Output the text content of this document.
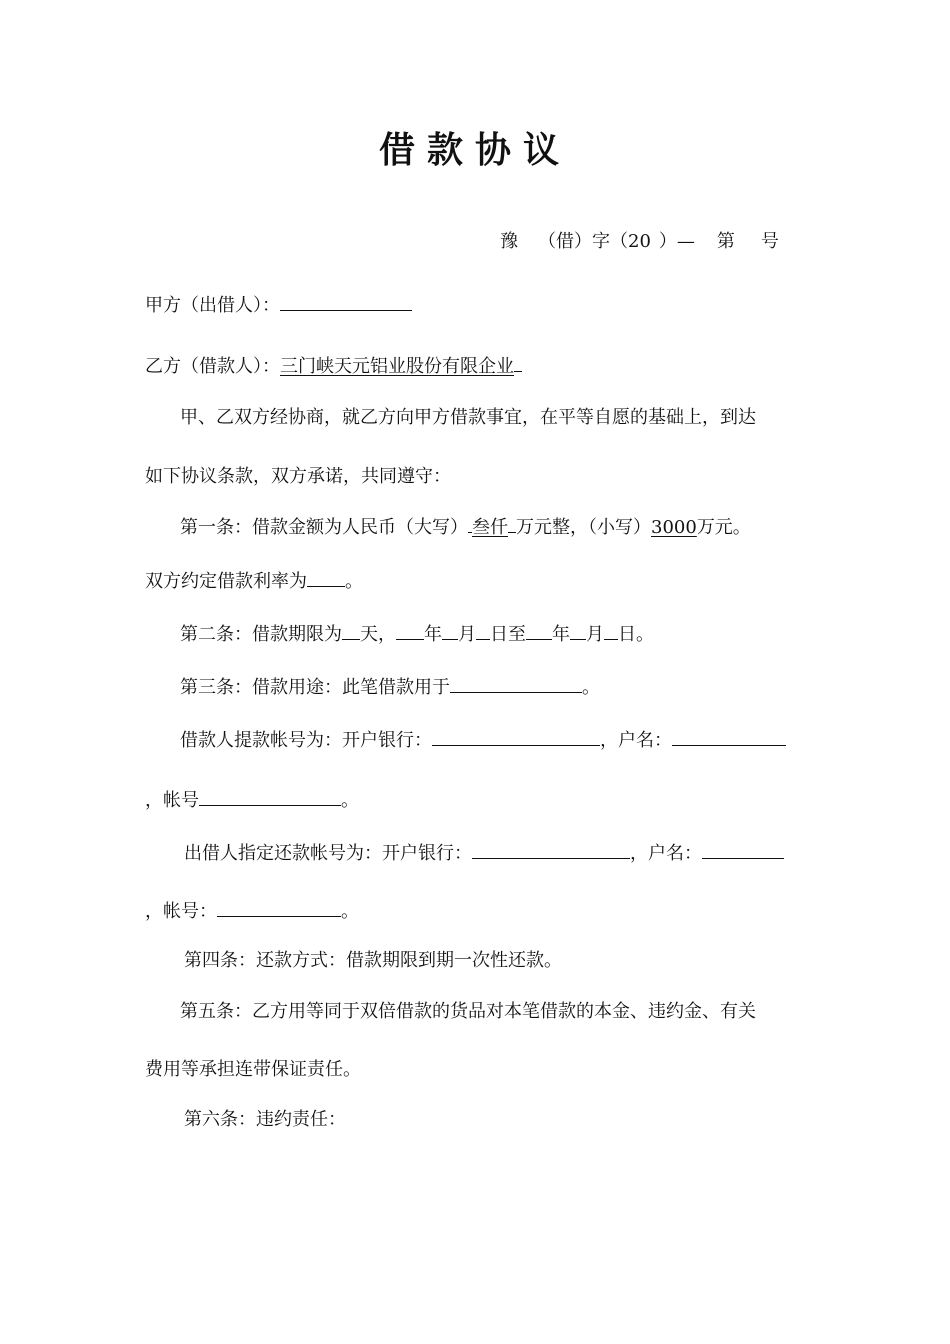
借款协议
豫 （借）字（20 ）— 第 号
甲方（出借人）：
乙方（借款人）：三门峡天元铝业股份有限企业
甲、乙双方经协商，就乙方向甲方借款事宜，在平等自愿的基础上，到达
如下协议条款，双方承诺，共同遵守：
第一条：借款金额为人民币（大写） 叁仟 万元整，（小写）3000万元。
双方约定借款利率为 。
第二条：借款期限为 天， 年 月 日至 年 月 日。
第三条：借款用途：此笔借款用于	。
借款人提款帐号为：开户银行：	，户名：
，帐号	。
出借人指定还款帐号为：开户银行：	，户名：
，帐号：	。
第四条：还款方式：借款期限到期一次性还款。
第五条：乙方用等同于双倍借款的货品对本笔借款的本金、违约金、有关
费用等承担连带保证责任。
第六条：违约责任：
